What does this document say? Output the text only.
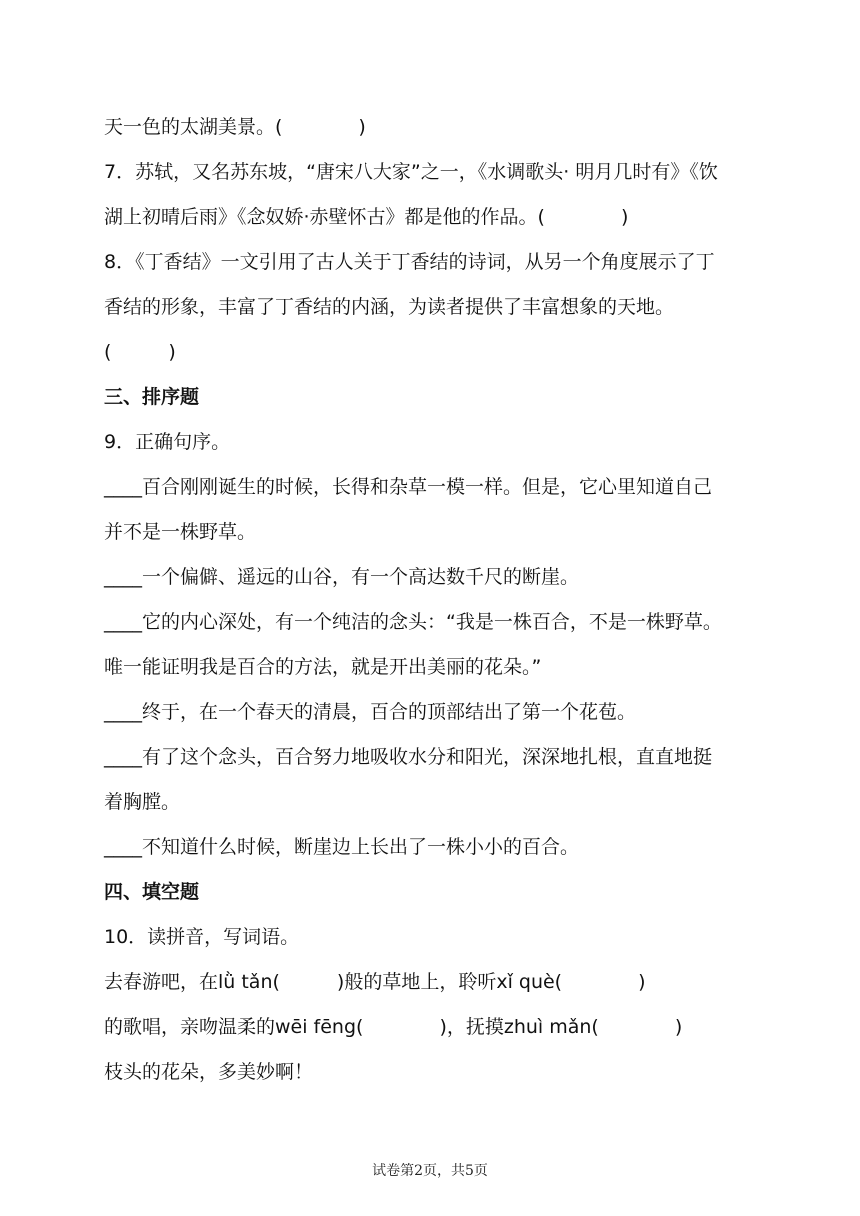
天一色的太湖美景。(　　　　)
7．苏轼，又名苏东坡，“唐宋八大家”之一，《水调歌头· 明月几时有》《饮
湖上初晴后雨》《念奴娇·赤壁怀古》都是他的作品。(　　　　)
8．《丁香结》一文引用了古人关于丁香结的诗词，从另一个角度展示了丁
香结的形象，丰富了丁香结的内涵，为读者提供了丰富想象的天地。
(　　　)
三、排序题
9．正确句序。
____百合刚刚诞生的时候，长得和杂草一模一样。但是，它心里知道自己
并不是一株野草。
____一个偏僻、遥远的山谷，有一个高达数千尺的断崖。
____它的内心深处，有一个纯洁的念头：“我是一株百合，不是一株野草。
唯一能证明我是百合的方法，就是开出美丽的花朵。”
____终于，在一个春天的清晨，百合的顶部结出了第一个花苞。
____有了这个念头，百合努力地吸收水分和阳光，深深地扎根，直直地挺
着胸膛。
____不知道什么时候，断崖边上长出了一株小小的百合。
四、填空题
10．读拼音，写词语。
去春游吧，在lǜ tǎn(　　　)般的草地上，聆听xǐ què(　　　　)
的歌唱，亲吻温柔的wēi fēng(　　　　)，抚摸zhuì mǎn(　　　　)
枝头的花朵，多美妙啊！
试卷第2页，共5页
